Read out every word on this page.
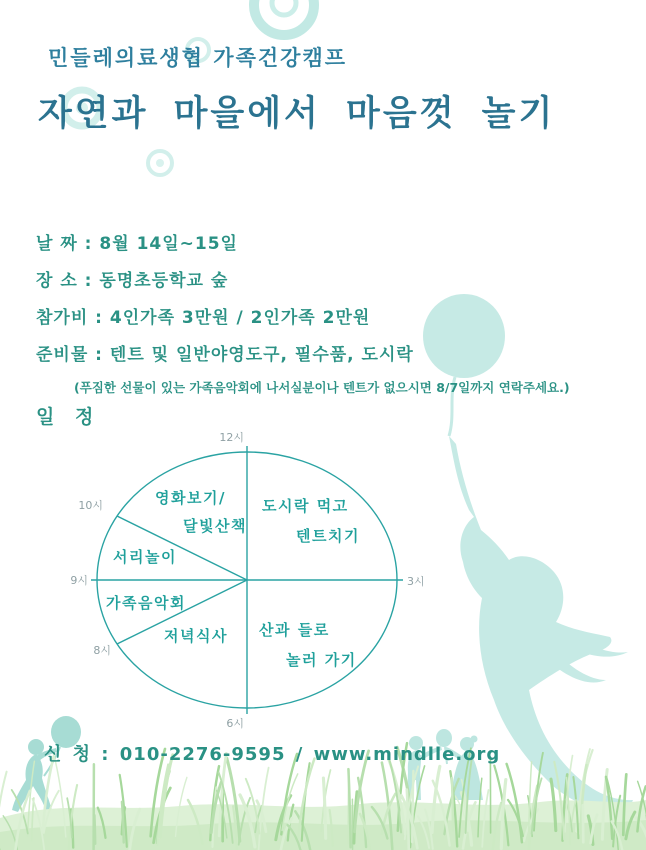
민들레의료생협 가족건강캠프
자연과 마을에서 마음껏 놀기
날 짜 : 8월 14일~15일
장 소 : 동명초등학교 숲
참가비 : 4인가족 3만원 / 2인가족 2만원
준비물 : 텐트 및 일반야영도구, 필수품, 도시락
(푸짐한 선물이 있는 가족음악회에 나서실분이나 텐트가 없으시면 8/7일까지 연락주세요.)
일 정
12시
3시
6시
8시
9시
10시	영화보기/
달빛산책
도시락 먹고
텐트치기
서리놀이
가족음악회
저녁식사 산과 들로
놀러 가기
신 청 : 010-2276-9595 / www.mindlle.org
